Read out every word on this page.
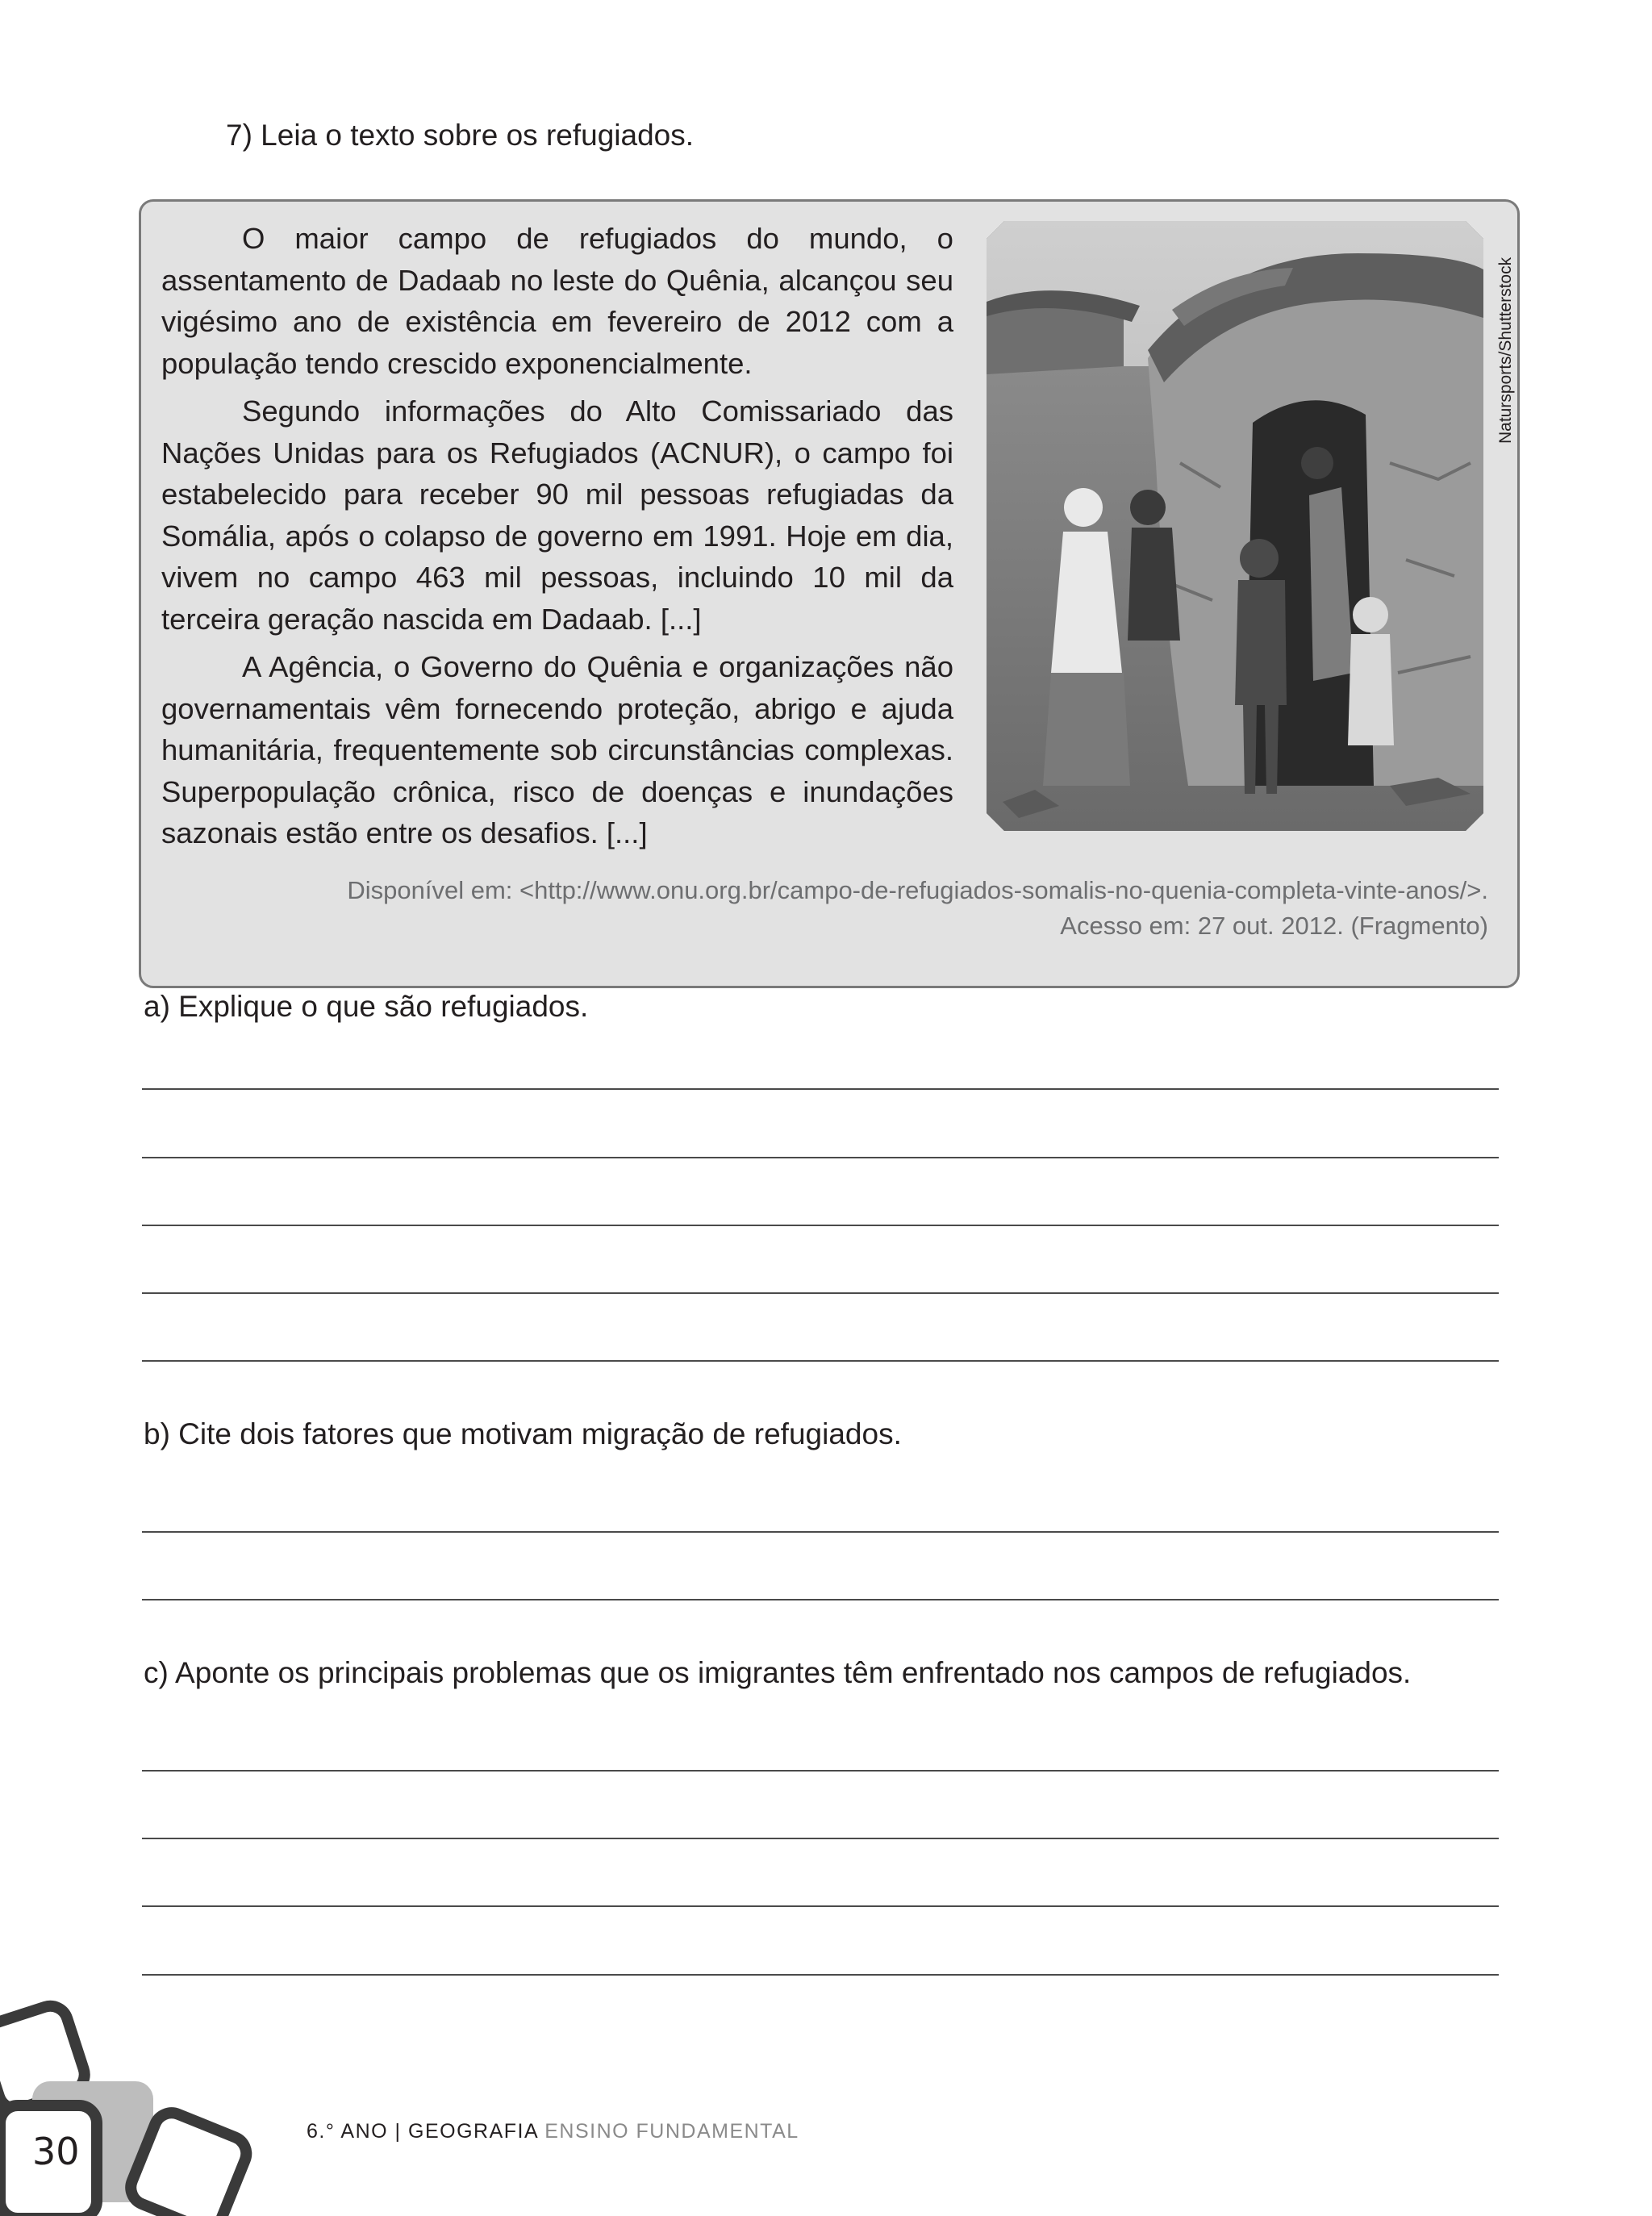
7) Leia o texto sobre os refugiados.

O maior campo de refugiados do mundo, o assentamento de Dadaab no leste do Quênia, alcançou seu vigésimo ano de existência em fevereiro de 2012 com a população tendo crescido exponencialmente.

Segundo informações do Alto Comissariado das Nações Unidas para os Refugiados (ACNUR), o campo foi estabelecido para receber 90 mil pessoas refugiadas da Somália, após o colapso de governo em 1991. Hoje em dia, vivem no campo 463 mil pessoas, incluindo 10 mil da terceira geração nascida em Dadaab. [...]

A Agência, o Governo do Quênia e organizações não governamentais vêm fornecendo proteção, abrigo e ajuda humanitária, frequentemente sob circunstâncias complexas. Superpopulação crônica, risco de doenças e inundações sazonais estão entre os desafios. [...]

Natursports/Shutterstock
Disponível em: <http://www.onu.org.br/campo-de-refugiados-somalis-no-quenia-completa-vinte-anos/>.
Acesso em: 27 out. 2012. (Fragmento)

a) Explique o que são refugiados.

b) Cite dois fatores que motivam migração de refugiados.

c) Aponte os principais problemas que os imigrantes têm enfrentado nos campos de refugiados.

30	6.° ANO | GEOGRAFIA ENSINO FUNDAMENTAL
